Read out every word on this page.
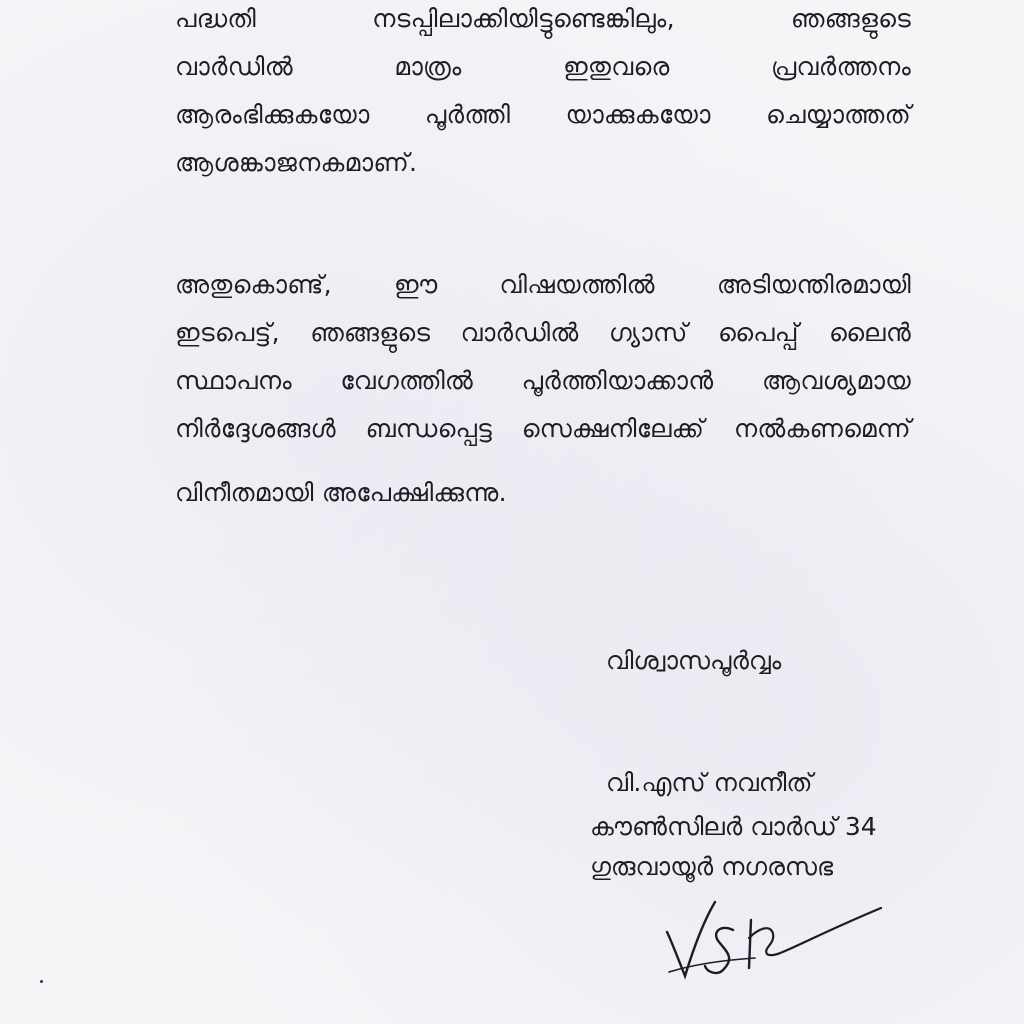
പദ്ധതി നടപ്പിലാക്കിയിട്ടുണ്ടെങ്കിലും, ഞങ്ങളുടെ
വാർഡിൽ മാത്രം ഇതുവരെ പ്രവർത്തനം
ആരംഭിക്കുകയോ പൂർത്തി യാക്കുകയോ ചെയ്യാത്തത്
ആശങ്കാജനകമാണ്.
അതുകൊണ്ട്, ഈ വിഷയത്തിൽ അടിയന്തിരമായി
ഇടപെട്ട്, ഞങ്ങളുടെ വാർഡിൽ ഗ്യാസ് പൈപ്പ് ലൈൻ
സ്ഥാപനം വേഗത്തിൽ പൂർത്തിയാക്കാൻ ആവശ്യമായ
നിർദ്ദേശങ്ങൾ ബന്ധപ്പെട്ട സെക്ഷനിലേക്ക് നൽകണമെന്ന്
വിനീതമായി അപേക്ഷിക്കുന്നു.
വിശ്വാസപൂർവ്വം
വി.എസ് നവനീത്
കൗൺസിലർ വാർഡ് 34
ഗുരുവായൂർ നഗരസഭ
